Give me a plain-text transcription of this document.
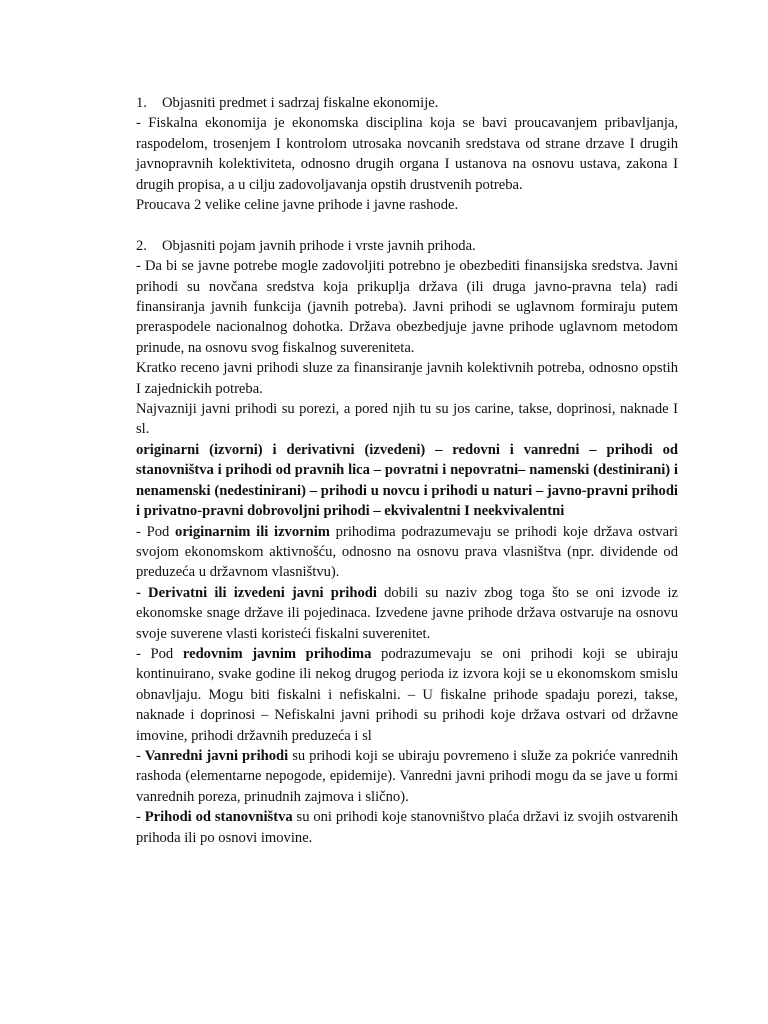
1. Objasniti predmet i sadrzaj fiskalne ekonomije.

- Fiskalna ekonomija je ekonomska disciplina koja se bavi proucavanjem pribavljanja, raspodelom, trosenjem I kontrolom utrosaka novcanih sredstava od strane drzave I drugih javnopravnih kolektiviteta, odnosno drugih organa I ustanova na osnovu ustava, zakona I drugih propisa, a u cilju zadovoljavanja opstih drustvenih potreba.

Proucava 2 velike celine javne prihode i javne rashode.

2. Objasniti pojam javnih prihode i vrste javnih prihoda.

- Da bi se javne potrebe mogle zadovoljiti potrebno je obezbediti finansijska sredstva. Javni prihodi su novčana sredstva koja prikuplja država (ili druga javno-pravna tela) radi finansiranja javnih funkcija (javnih potreba). Javni prihodi se uglavnom formiraju putem preraspodele nacionalnog dohotka. Država obezbedjuje javne prihode uglavnom metodom prinude, na osnovu svog fiskalnog suvereniteta.

Kratko receno javni prihodi sluze za finansiranje javnih kolektivnih potreba, odnosno opstih I zajednickih potreba.

Najvazniji javni prihodi su porezi, a pored njih tu su jos carine, takse, doprinosi, naknade I sl.

originarni (izvorni) i derivativni (izvedeni) – redovni i vanredni – prihodi od stanovništva i prihodi od pravnih lica – povratni i nepovratni– namenski (destinirani) i nenamenski (nedestinirani) – prihodi u novcu i prihodi u naturi – javno-pravni prihodi i privatno-pravni dobrovoljni prihodi – ekvivalentni I neekvivalentni

- Pod originarnim ili izvornim prihodima podrazumevaju se prihodi koje država ostvari svojom ekonomskom aktivnošću, odnosno na osnovu prava vlasništva (npr. dividende od preduzeća u državnom vlasništvu).

- Derivatni ili izvedeni javni prihodi dobili su naziv zbog toga što se oni izvode iz ekonomske snage države ili pojedinaca. Izvedene javne prihode država ostvaruje na osnovu svoje suverene vlasti koristeći fiskalni suverenitet.

- Pod redovnim javnim prihodima podrazumevaju se oni prihodi koji se ubiraju kontinuirano, svake godine ili nekog drugog perioda iz izvora koji se u ekonomskom smislu obnavljaju. Mogu biti fiskalni i nefiskalni. – U fiskalne prihode spadaju porezi, takse, naknade i doprinosi – Nefiskalni javni prihodi su prihodi koje država ostvari od državne imovine, prihodi državnih preduzeća i sl

- Vanredni javni prihodi su prihodi koji se ubiraju povremeno i služe za pokriće vanrednih rashoda (elementarne nepogode, epidemije). Vanredni javni prihodi mogu da se jave u formi vanrednih poreza, prinudnih zajmova i slično).

- Prihodi od stanovništva su oni prihodi koje stanovništvo plaća državi iz svojih ostvarenih prihoda ili po osnovi imovine.
